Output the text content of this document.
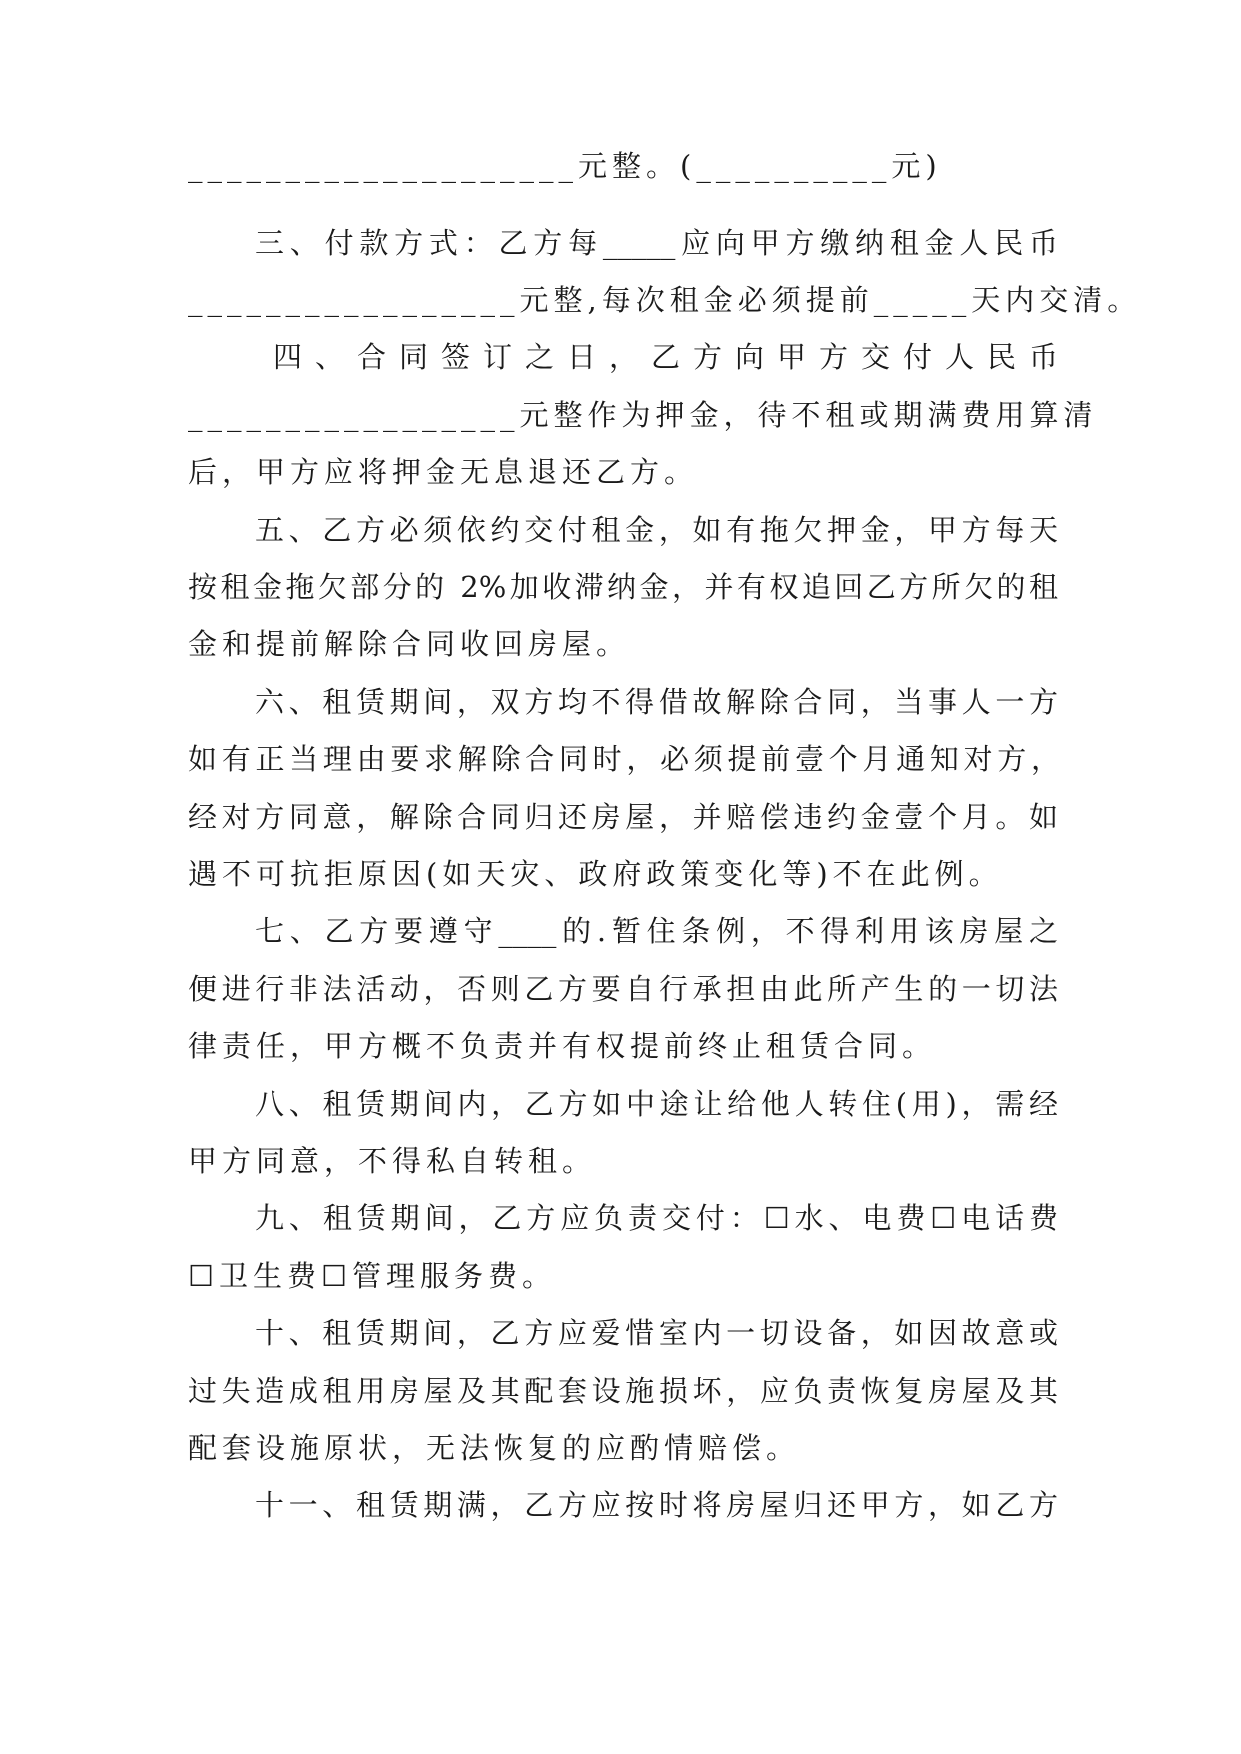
____________________元整。(__________元)
三、付款方式：乙方每_____应向甲方缴纳租金人民币
_________________元整,每次租金必须提前_____天内交清。
四 、 合 同 签 订 之 日 ， 乙 方 向 甲 方 交 付 人 民 币
_________________元整作为押金，待不租或期满费用算清
后，甲方应将押金无息退还乙方。
五、乙方必须依约交付租金，如有拖欠押金，甲方每天
按租金拖欠部分的 2%加收滞纳金，并有权追回乙方所欠的租
金和提前解除合同收回房屋。
六、租赁期间，双方均不得借故解除合同，当事人一方
如有正当理由要求解除合同时，必须提前壹个月通知对方，
经对方同意，解除合同归还房屋，并赔偿违约金壹个月。如
遇不可抗拒原因(如天灾、政府政策变化等)不在此例。
七、乙方要遵守____的.暂住条例，不得利用该房屋之
便进行非法活动，否则乙方要自行承担由此所产生的一切法
律责任，甲方概不负责并有权提前终止租赁合同。
八、租赁期间内，乙方如中途让给他人转住(用)，需经
甲方同意，不得私自转租。
九、租赁期间，乙方应负责交付：☐水、电费☐电话费
☐卫生费☐管理服务费。
十、租赁期间，乙方应爱惜室内一切设备，如因故意或
过失造成租用房屋及其配套设施损坏，应负责恢复房屋及其
配套设施原状，无法恢复的应酌情赔偿。
十一、租赁期满，乙方应按时将房屋归还甲方，如乙方
